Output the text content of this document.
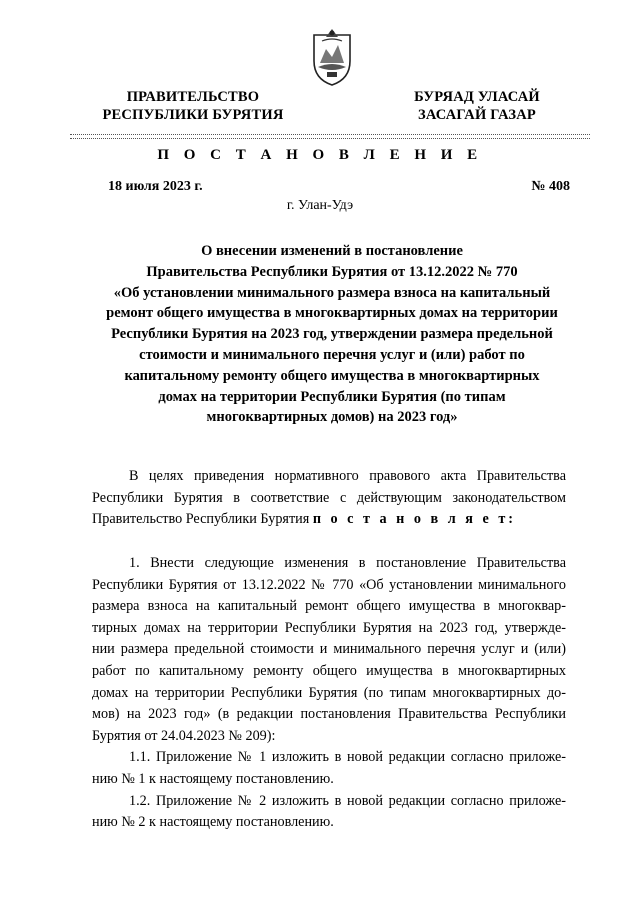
ПРАВИТЕЛЬСТВО
РЕСПУБЛИКИ БУРЯТИЯ
БУРЯАД УЛАСАЙ
ЗАСАГАЙ ГАЗАР
П О С Т А Н О В Л Е Н И Е
18 июля 2023 г.	№ 408
г. Улан-Удэ
О внесении изменений в постановление
Правительства Республики Бурятия от 13.12.2022 № 770
«Об установлении минимального размера взноса на капитальный
ремонт общего имущества в многоквартирных домах на территории
Республики Бурятия на 2023 год, утверждении размера предельной
стоимости и минимального перечня услуг и (или) работ по
капитальному ремонту общего имущества в многоквартирных
домах на территории Республики Бурятия (по типам
многоквартирных домов) на 2023 год»
В целях приведения нормативного правового акта Правительства
Республики Бурятия в соответствие с действующим законодательством
Правительство Республики Бурятия п о с т а н о в л я е т:
1. Внести следующие изменения в постановление Правительства
Республики Бурятия от 13.12.2022 № 770 «Об установлении минимального
размера взноса на капитальный ремонт общего имущества в многоквар-
тирных домах на территории Республики Бурятия на 2023 год, утвержде-
нии размера предельной стоимости и минимального перечня услуг и (или)
работ по капитальному ремонту общего имущества в многоквартирных
домах на территории Республики Бурятия (по типам многоквартирных до-
мов) на 2023 год» (в редакции постановления Правительства Республики
Бурятия от 24.04.2023 № 209):
1.1. Приложение № 1 изложить в новой редакции согласно приложе-
нию № 1 к настоящему постановлению.
1.2. Приложение № 2 изложить в новой редакции согласно приложе-
нию № 2 к настоящему постановлению.
